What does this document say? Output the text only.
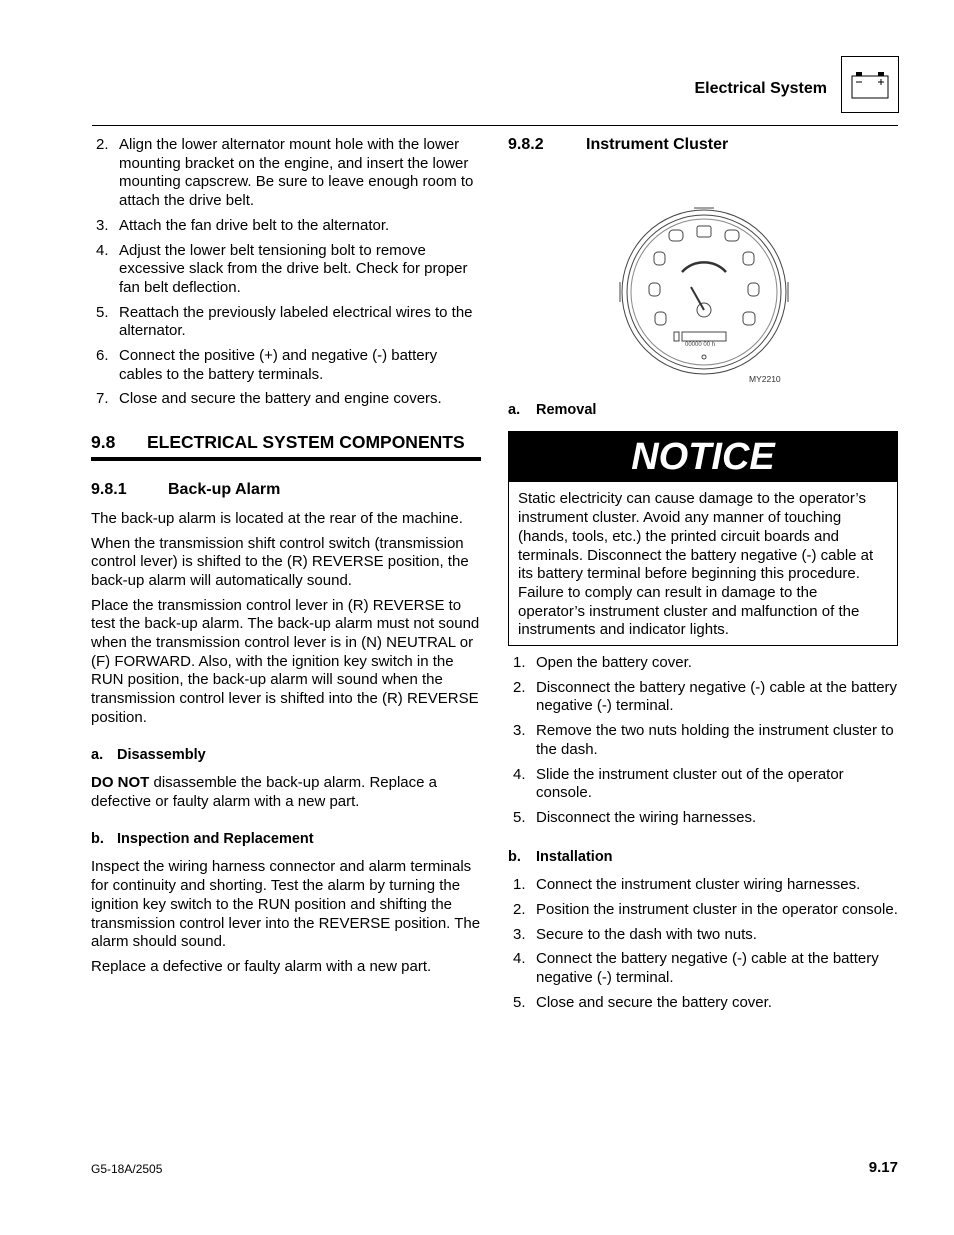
Electrical System
2. Align the lower alternator mount hole with the lower mounting bracket on the engine, and insert the lower mounting capscrew. Be sure to leave enough room to attach the drive belt.
3. Attach the fan drive belt to the alternator.
4. Adjust the lower belt tensioning bolt to remove excessive slack from the drive belt. Check for proper fan belt deflection.
5. Reattach the previously labeled electrical wires to the alternator.
6. Connect the positive (+) and negative (-) battery cables to the battery terminals.
7. Close and secure the battery and engine covers.
9.8	ELECTRICAL SYSTEM COMPONENTS
9.8.1	Back-up Alarm

The back-up alarm is located at the rear of the machine.

When the transmission shift control switch (transmission control lever) is shifted to the (R) REVERSE position, the back-up alarm will automatically sound.

Place the transmission control lever in (R) REVERSE to test the back-up alarm. The back-up alarm must not sound when the transmission control lever is in (N) NEUTRAL or (F) FORWARD. Also, with the ignition key switch in the RUN position, the back-up alarm will sound when the transmission control lever is shifted into the (R) REVERSE position.

a. Disassembly

DO NOT disassemble the back-up alarm. Replace a defective or faulty alarm with a new part.

b. Inspection and Replacement

Inspect the wiring harness connector and alarm terminals for continuity and shorting. Test the alarm by turning the ignition key switch to the RUN position and shifting the transmission control lever into the REVERSE position. The alarm should sound.

Replace a defective or faulty alarm with a new part.

9.8.2	Instrument Cluster
00000 00 h
MY2210
a. Removal
NOTICE
Static electricity can cause damage to the operator’s instrument cluster. Avoid any manner of touching (hands, tools, etc.) the printed circuit boards and terminals. Disconnect the battery negative (-) cable at its battery terminal before beginning this procedure. Failure to comply can result in damage to the operator’s instrument cluster and malfunction of the instruments and indicator lights.
1. Open the battery cover.
2. Disconnect the battery negative (-) cable at the battery negative (-) terminal.
3. Remove the two nuts holding the instrument cluster to the dash.
4. Slide the instrument cluster out of the operator console.
5. Disconnect the wiring harnesses.
b. Installation
1. Connect the instrument cluster wiring harnesses.
2. Position the instrument cluster in the operator console.
3. Secure to the dash with two nuts.
4. Connect the battery negative (-) cable at the battery negative (-) terminal.
5. Close and secure the battery cover.
G5-18A/2505	9.17
